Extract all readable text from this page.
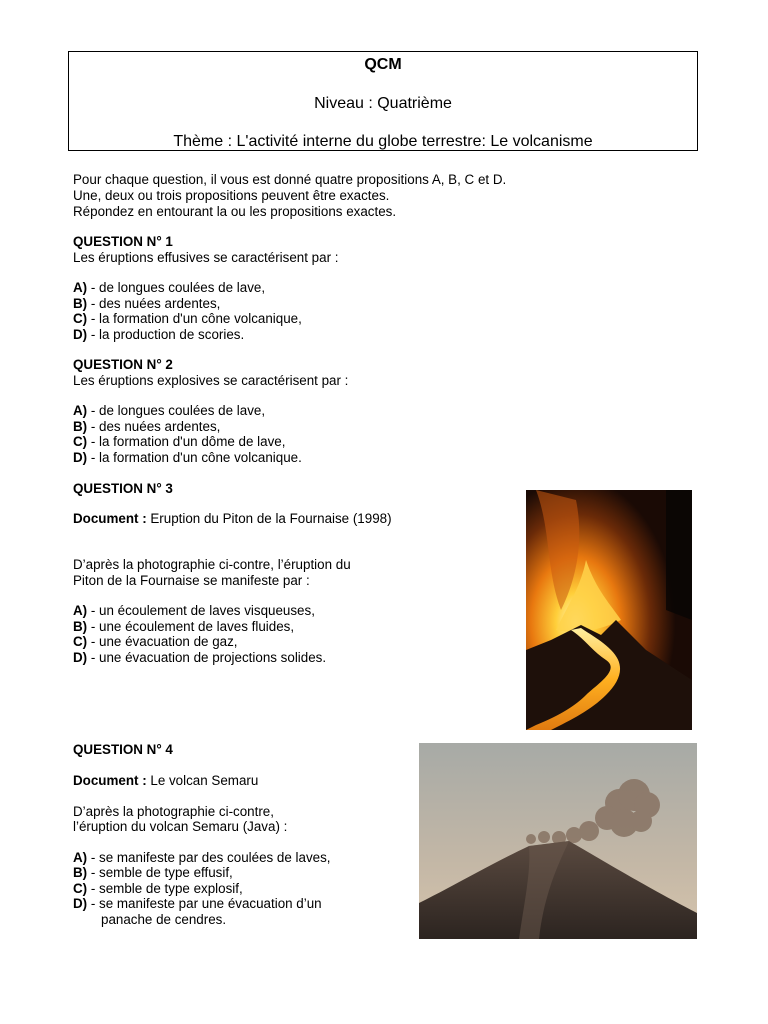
QCM
Niveau : Quatrième
Thème : L'activité interne du globe terrestre: Le volcanisme
Pour chaque question, il vous est donné quatre propositions A, B, C et D.
Une, deux ou trois propositions peuvent être exactes.
Répondez en entourant la ou les propositions exactes.
QUESTION N° 1
Les éruptions effusives se caractérisent par :
A) - de longues coulées de lave,
B) - des nuées ardentes,
C) - la formation d'un cône volcanique,
D) - la production de scories.
QUESTION N° 2
Les éruptions explosives se caractérisent par :
A) - de longues coulées de lave,
B) - des nuées ardentes,
C) - la formation d'un dôme de lave,
D) - la formation d'un cône volcanique.
QUESTION N° 3
Document : Eruption du Piton de la Fournaise (1998)
D’après la photographie ci-contre, l’éruption du
Piton de la Fournaise se manifeste par :
A) - un écoulement de laves visqueuses,
B) - une écoulement de laves fluides,
C) - une évacuation de gaz,
D) - une évacuation de projections solides.
QUESTION N° 4
Document : Le volcan Semaru
D’après la photographie ci-contre,
l’éruption du volcan Semaru (Java) :
A) - se manifeste par des coulées de laves,
B) - semble de type effusif,
C) - semble de type explosif,
D) - se manifeste par une évacuation d’un
panache de cendres.
